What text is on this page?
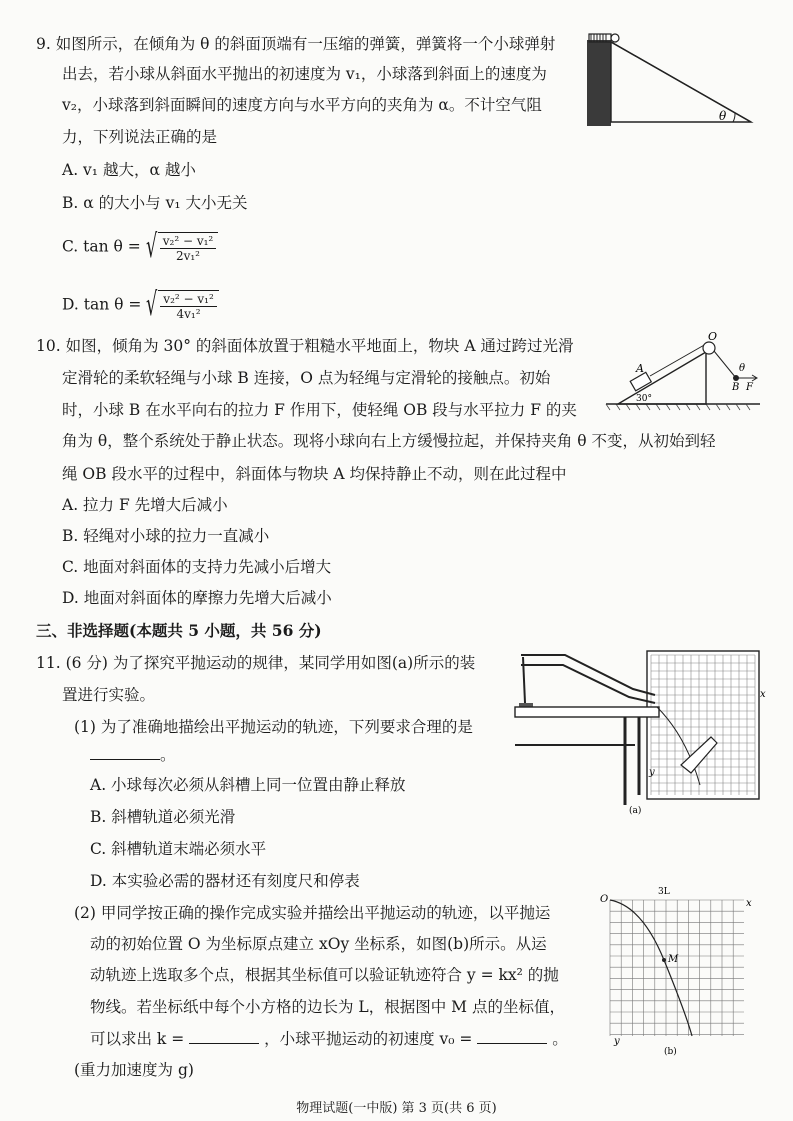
9. 如图所示，在倾角为 θ 的斜面顶端有一压缩的弹簧，弹簧将一个小球弹射
出去，若小球从斜面水平抛出的初速度为 v₁，小球落到斜面上的速度为
v₂，小球落到斜面瞬间的速度方向与水平方向的夹角为 α。不计空气阻
力，下列说法正确的是
A. v₁ 越大，α 越小
B. α 的大小与 v₁ 大小无关
C. tan θ = √ $\frac{\text{v₂² − v₁²}}{\text{2v₁²}}$
D. tan θ = √ $\frac{\text{v₂² − v₁²}}{\text{4v₁²}}$
θ
10. 如图，倾角为 30° 的斜面体放置于粗糙水平地面上，物块 A 通过跨过光滑
定滑轮的柔软轻绳与小球 B 连接，O 点为轻绳与定滑轮的接触点。初始
时，小球 B 在水平向右的拉力 F 作用下，使轻绳 OB 段与水平拉力 F 的夹
角为 θ，整个系统处于静止状态。现将小球向右上方缓慢拉起，并保持夹角 θ 不变，从初始到轻
绳 OB 段水平的过程中，斜面体与物块 A 均保持静止不动，则在此过程中
A. 拉力 F 先增大后减小
B. 轻绳对小球的拉力一直减小
C. 地面对斜面体的支持力先减小后增大
D. 地面对斜面体的摩擦力先增大后减小
A
O
B F
θ
30°
三、非选择题(本题共 5 小题，共 56 分)
11. (6 分) 为了探究平抛运动的规律，某同学用如图(a)所示的装
置进行实验。
(1) 为了准确地描绘出平抛运动的轨迹，下列要求合理的是
。
A. 小球每次必须从斜槽上同一位置由静止释放
B. 斜槽轨道必须光滑
C. 斜槽轨道末端必须水平
D. 本实验必需的器材还有刻度尺和停表
(2) 甲同学按正确的操作完成实验并描绘出平抛运动的轨迹，以平抛运
动的初始位置 O 为坐标原点建立 xOy 坐标系，如图(b)所示。从运
动轨迹上选取多个点，根据其坐标值可以验证轨迹符合 y = kx² 的抛
物线。若坐标纸中每个小方格的边长为 L，根据图中 M 点的坐标值，
可以求出 k =	，小球平抛运动的初速度 v₀ =	。
(重力加速度为 g)
x
y
(a)
M
O	x
y
3L
(b)
物理试题(一中版) 第 3 页(共 6 页)
